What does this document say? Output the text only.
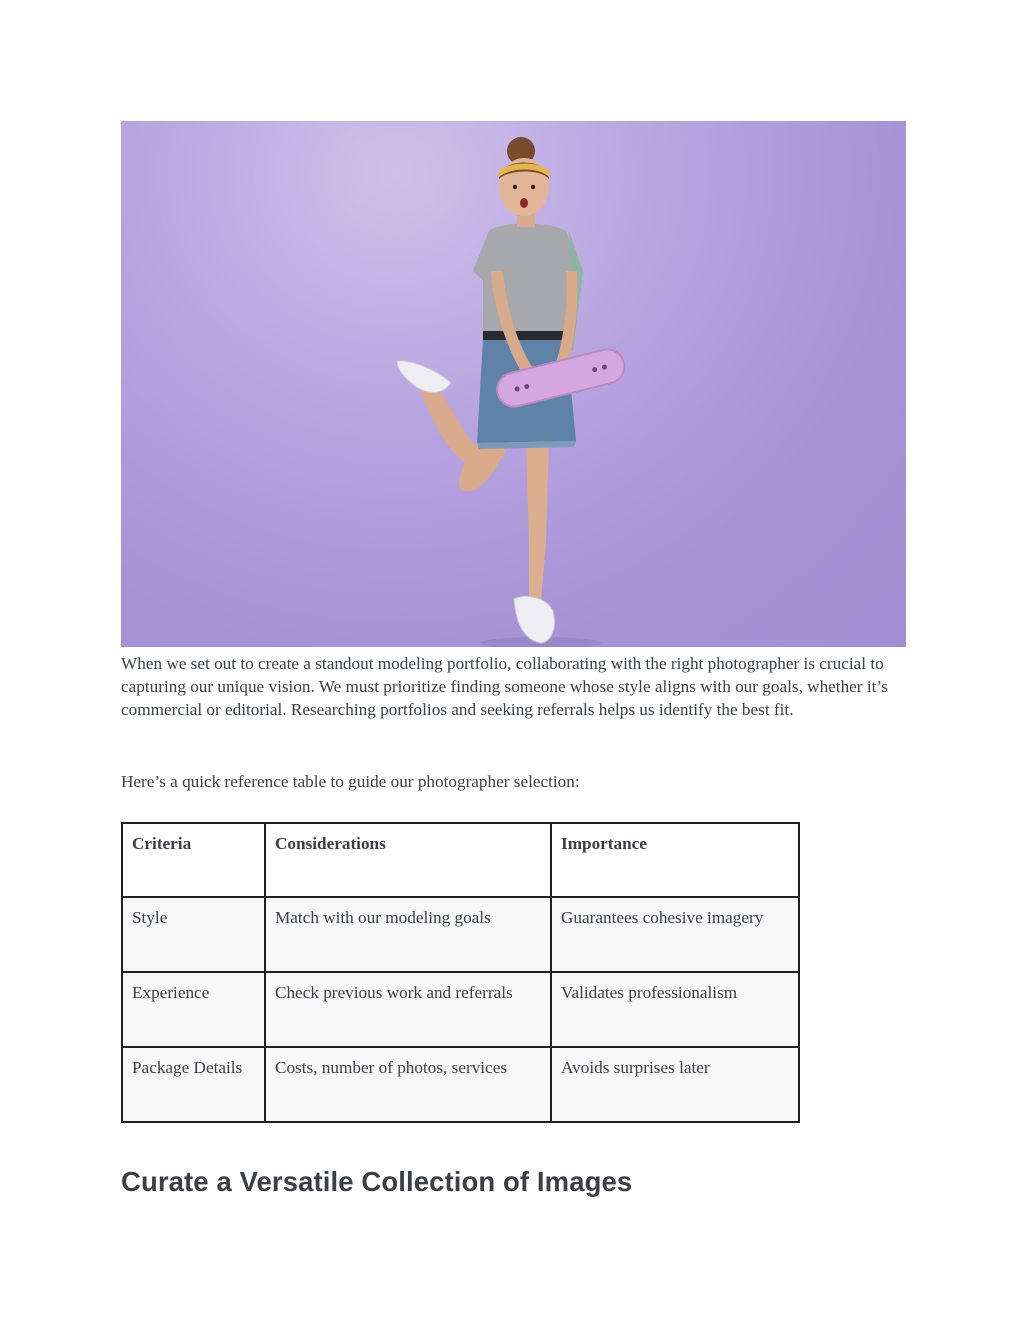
When we set out to create a standout modeling portfolio, collaborating with the right photographer is crucial to capturing our unique vision. We must prioritize finding someone whose style aligns with our goals, whether it’s commercial or editorial. Researching portfolios and seeking referrals helps us identify the best fit.

Here’s a quick reference table to guide our photographer selection:

Criteria	Considerations	Importance
Style	Match with our modeling goals	Guarantees cohesive imagery
Experience	Check previous work and referrals	Validates professionalism
Package Details	Costs, number of photos, services	Avoids surprises later
Curate a Versatile Collection of Images
